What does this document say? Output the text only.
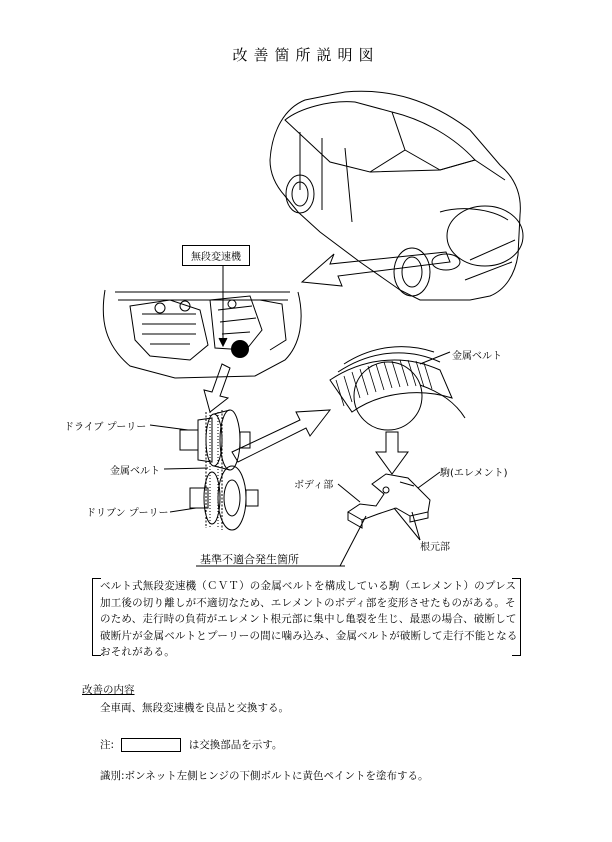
改善箇所説明図
無段変速機
金属ベルト
ドライブ プーリー
金属ベルト
ドリブン プーリー
ボディ部
駒(エレメント)
根元部
基準不適合発生箇所
ベルト式無段変速機（ＣＶＴ）の金属ベルトを構成している駒（エレメント）のプレス加工後の切り離しが不適切なため、エレメントのボディ部を変形させたものがある。そのため、走行時の負荷がエレメント根元部に集中し亀裂を生じ、最悪の場合、破断して破断片が金属ベルトとプーリーの間に噛み込み、金属ベルトが破断して走行不能となるおそれがある。
改善の内容
全車両、無段変速機を良品と交換する。
注:	は交換部品を示す。
識別:ボンネット左側ヒンジの下側ボルトに黄色ペイントを塗布する。
